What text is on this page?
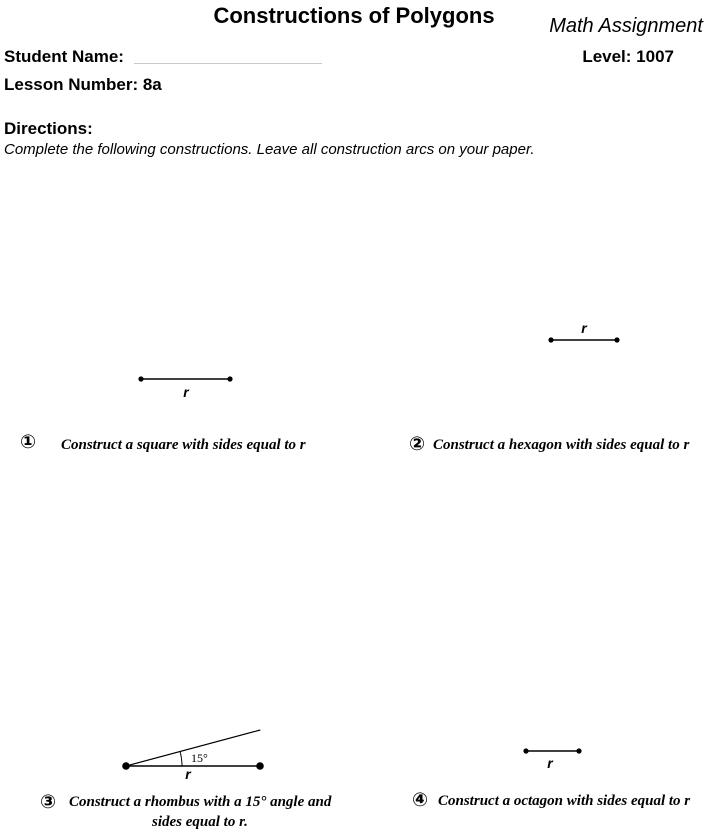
Constructions of Polygons	Math Assignment
Student Name:	Level: 1007
Lesson Number: 8a
Directions:
Complete the following constructions. Leave all construction arcs on your paper.
r
r
15°
r
r
① Construct a square with sides equal to r	② Construct a hexagon with sides equal to r
③ Construct a rhombus with a 15° angle and
sides equal to r.
④ Construct a octagon with sides equal to r
